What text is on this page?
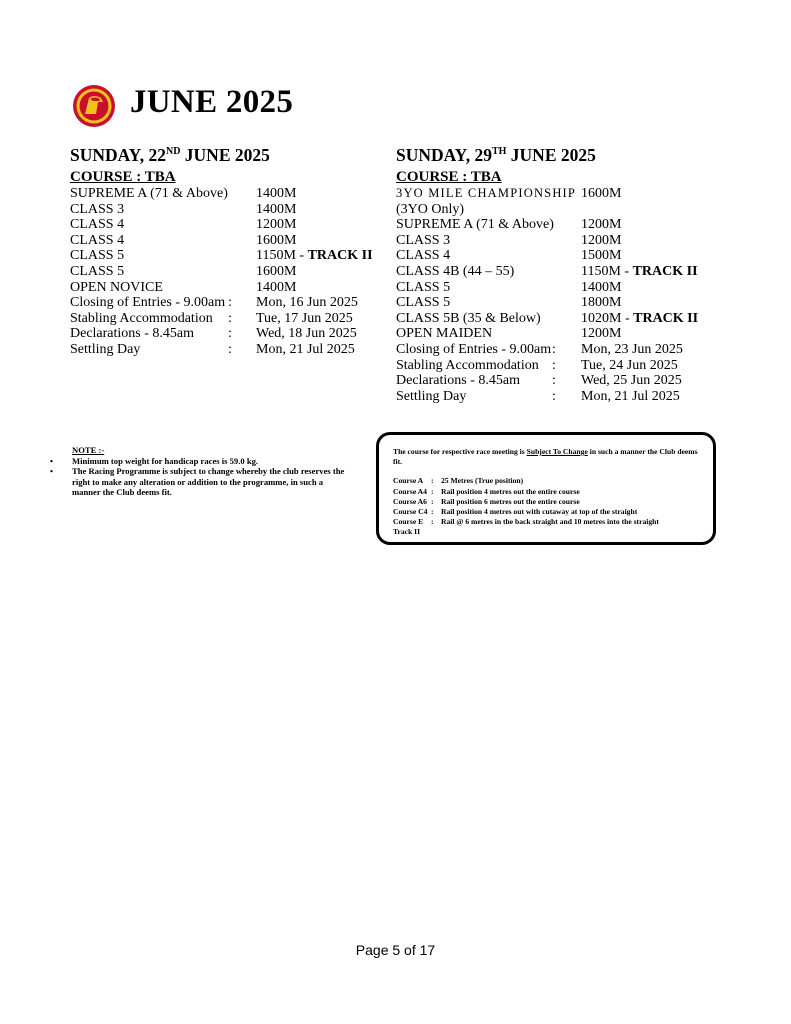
JUNE 2025
SUNDAY, 22ND JUNE 2025
COURSE : TBA
SUPREME A (71 & Above) 1400M
CLASS 3	1400M
CLASS 4	1200M
CLASS 4	1600M
CLASS 5	1150M - TRACK II
CLASS 5	1600M
OPEN NOVICE	1400M
Closing of Entries - 9.00am : Mon, 16 Jun 2025
Stabling Accommodation : Tue, 17 Jun 2025
Declarations - 8.45am : Wed, 18 Jun 2025
Settling Day	: Mon, 21 Jul 2025
SUNDAY, 29TH JUNE 2025
COURSE : TBA
3YO MILE CHAMPIONSHIP 1600M
(3YO Only)
SUPREME A (71 & Above) 1200M
CLASS 3	1200M
CLASS 4	1500M
CLASS 4B (44 – 55)	1150M - TRACK II
CLASS 5	1400M
CLASS 5	1800M
CLASS 5B (35 & Below)	1020M - TRACK II
OPEN MAIDEN	1200M
Closing of Entries - 9.00am : Mon, 23 Jun 2025
Stabling Accommodation : Tue, 24 Jun 2025
Declarations - 8.45am : Wed, 25 Jun 2025
Settling Day	: Mon, 21 Jul 2025
NOTE :-
• Minimum top weight for handicap races is 59.0 kg.
• The Racing Programme is subject to change whereby the club reserves the right to make any alteration or addition to the programme, in such a manner the Club deems fit.
The course for respective race meeting is Subject To Change in such a manner the Club deems fit.
Course A : 25 Metres (True position)
Course A4 : Rail position 4 metres out the entire course
Course A6 : Rail position 6 metres out the entire course
Course C4 : Rail position 4 metres out with cutaway at top of the straight
Course E : Rail @ 6 metres in the back straight and 10 metres into the straight
Track II
Page 5 of 17
